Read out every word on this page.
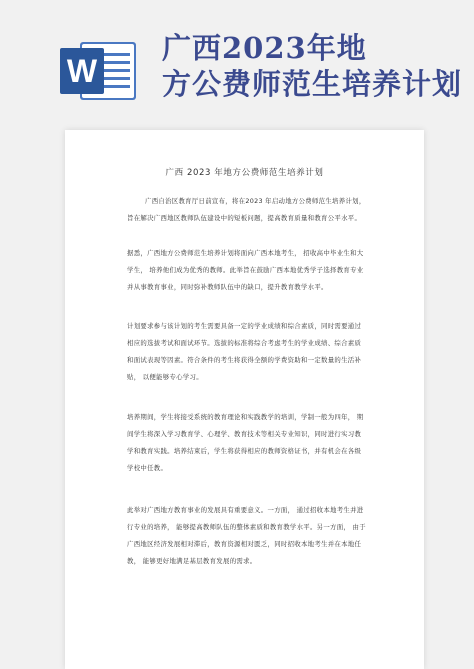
W
广西2023年地
方公费师范生培养计划
广西 2023 年地方公费师范生培养计划
广西自治区教育厅日前宣布，将在2023 年启动地方公费师范生培养计划，
旨在解决广西地区教师队伍建设中的短板问题，提高教育质量和教育公平水平。
据悉，广西地方公费师范生培养计划将面向广西本地考生， 招收高中毕业生和大
学生， 培养他们成为优秀的教师。此举旨在鼓励广西本地优秀学子选择教育专业
并从事教育事业，同时弥补教师队伍中的缺口，提升教育教学水平。
计划要求参与该计划的考生需要具备一定的学业成绩和综合素质，同时需要通过
相应的选拔考试和面试环节。选拔的标准将综合考虑考生的学业成绩、综合素质
和面试表现等因素。符合条件的考生将获得全额的学费资助和一定数量的生活补
贴， 以便能够专心学习。
培养期间，学生将接受系统的教育理论和实践教学的培训，学制一般为四年， 期
间学生将深入学习教育学、心理学、教育技术等相关专业知识，同时进行实习教
学和教育实践。培养结束后，学生将获得相应的教师资格证书，并有机会在各级
学校中任教。
此举对广西地方教育事业的发展具有重要意义。一方面， 通过招收本地考生并进
行专业的培养， 能够提高教师队伍的整体素质和教育教学水平。另一方面， 由于
广西地区经济发展相对滞后，教育资源相对匮乏，同时招收本地考生并在本地任
教， 能够更好地满足基层教育发展的需求。
